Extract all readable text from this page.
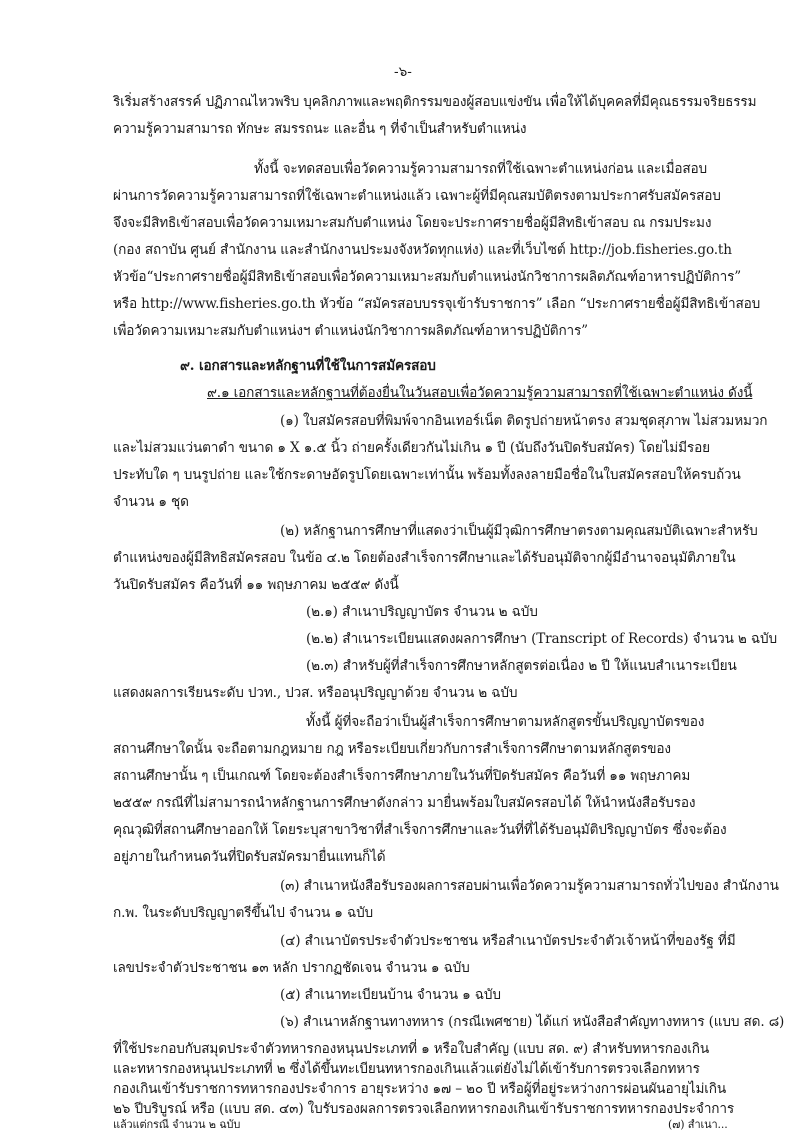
-๖-
ริเริ่มสร้างสรรค์ ปฏิภาณไหวพริบ บุคลิกภาพและพฤติกรรมของผู้สอบแข่งขัน เพื่อให้ได้บุคคลที่มีคุณธรรมจริยธรรม
ความรู้ความสามารถ ทักษะ สมรรถนะ และอื่น ๆ ที่จำเป็นสำหรับตำแหน่ง
ทั้งนี้ จะทดสอบเพื่อวัดความรู้ความสามารถที่ใช้เฉพาะตำแหน่งก่อน และเมื่อสอบ
ผ่านการวัดความรู้ความสามารถที่ใช้เฉพาะตำแหน่งแล้ว เฉพาะผู้ที่มีคุณสมบัติตรงตามประกาศรับสมัครสอบ
จึงจะมีสิทธิเข้าสอบเพื่อวัดความเหมาะสมกับตำแหน่ง โดยจะประกาศรายชื่อผู้มีสิทธิเข้าสอบ ณ กรมประมง
(กอง สถาบัน ศูนย์ สำนักงาน และสำนักงานประมงจังหวัดทุกแห่ง) และที่เว็บไซต์ http://job.fisheries.go.th
หัวข้อ“ประกาศรายชื่อผู้มีสิทธิเข้าสอบเพื่อวัดความเหมาะสมกับตำแหน่งนักวิชาการผลิตภัณฑ์อาหารปฏิบัติการ”
หรือ http://www.fisheries.go.th หัวข้อ “สมัครสอบบรรจุเข้ารับราชการ” เลือก “ประกาศรายชื่อผู้มีสิทธิเข้าสอบ
เพื่อวัดความเหมาะสมกับตำแหน่งฯ ตำแหน่งนักวิชาการผลิตภัณฑ์อาหารปฏิบัติการ”
๙. เอกสารและหลักฐานที่ใช้ในการสมัครสอบ
๙.๑ เอกสารและหลักฐานที่ต้องยื่นในวันสอบเพื่อวัดความรู้ความสามารถที่ใช้เฉพาะตำแหน่ง ดังนี้
(๑) ใบสมัครสอบที่พิมพ์จากอินเทอร์เน็ต ติดรูปถ่ายหน้าตรง สวมชุดสุภาพ ไม่สวมหมวก
และไม่สวมแว่นตาดำ ขนาด ๑ X ๑.๕ นิ้ว ถ่ายครั้งเดียวกันไม่เกิน ๑ ปี (นับถึงวันปิดรับสมัคร) โดยไม่มีรอย
ประทับใด ๆ บนรูปถ่าย และใช้กระดาษอัดรูปโดยเฉพาะเท่านั้น พร้อมทั้งลงลายมือชื่อในใบสมัครสอบให้ครบถ้วน
จำนวน ๑ ชุด
(๒) หลักฐานการศึกษาที่แสดงว่าเป็นผู้มีวุฒิการศึกษาตรงตามคุณสมบัติเฉพาะสำหรับ
ตำแหน่งของผู้มีสิทธิสมัครสอบ ในข้อ ๔.๒ โดยต้องสำเร็จการศึกษาและได้รับอนุมัติจากผู้มีอำนาจอนุมัติภายใน
วันปิดรับสมัคร คือวันที่ ๑๑ พฤษภาคม ๒๕๕๙ ดังนี้
(๒.๑) สำเนาปริญญาบัตร จำนวน ๒ ฉบับ
(๒.๒) สำเนาระเบียนแสดงผลการศึกษา (Transcript of Records) จำนวน ๒ ฉบับ
(๒.๓) สำหรับผู้ที่สำเร็จการศึกษาหลักสูตรต่อเนื่อง ๒ ปี ให้แนบสำเนาระเบียน
แสดงผลการเรียนระดับ ปวท., ปวส. หรืออนุปริญญาด้วย จำนวน ๒ ฉบับ
ทั้งนี้ ผู้ที่จะถือว่าเป็นผู้สำเร็จการศึกษาตามหลักสูตรขั้นปริญญาบัตรของ
สถานศึกษาใดนั้น จะถือตามกฎหมาย กฎ หรือระเบียบเกี่ยวกับการสำเร็จการศึกษาตามหลักสูตรของ
สถานศึกษานั้น ๆ เป็นเกณฑ์ โดยจะต้องสำเร็จการศึกษาภายในวันที่ปิดรับสมัคร คือวันที่ ๑๑ พฤษภาคม
๒๕๕๙ กรณีที่ไม่สามารถนำหลักฐานการศึกษาดังกล่าว มายื่นพร้อมใบสมัครสอบได้ ให้นำหนังสือรับรอง
คุณวุฒิที่สถานศึกษาออกให้ โดยระบุสาขาวิชาที่สำเร็จการศึกษาและวันที่ที่ได้รับอนุมัติปริญญาบัตร ซึ่งจะต้อง
อยู่ภายในกำหนดวันที่ปิดรับสมัครมายื่นแทนก็ได้
(๓) สำเนาหนังสือรับรองผลการสอบผ่านเพื่อวัดความรู้ความสามารถทั่วไปของ สำนักงาน
ก.พ. ในระดับปริญญาตรีขึ้นไป จำนวน ๑ ฉบับ
(๔) สำเนาบัตรประจำตัวประชาชน หรือสำเนาบัตรประจำตัวเจ้าหน้าที่ของรัฐ ที่มี
เลขประจำตัวประชาชน ๑๓ หลัก ปรากฏชัดเจน จำนวน ๑ ฉบับ
(๕) สำเนาทะเบียนบ้าน จำนวน ๑ ฉบับ
(๖) สำเนาหลักฐานทางทหาร (กรณีเพศชาย) ได้แก่ หนังสือสำคัญทางทหาร (แบบ สด. ๘)
ที่ใช้ประกอบกับสมุดประจำตัวทหารกองหนุนประเภทที่ ๑ หรือใบสำคัญ (แบบ สด. ๙) สำหรับทหารกองเกิน
และทหารกองหนุนประเภทที่ ๒ ซึ่งได้ขึ้นทะเบียนทหารกองเกินแล้วแต่ยังไม่ได้เข้ารับการตรวจเลือกทหาร
กองเกินเข้ารับราชการทหารกองประจำการ อายุระหว่าง ๑๗ – ๒๐ ปี หรือผู้ที่อยู่ระหว่างการผ่อนผันอายุไม่เกิน
๒๖ ปีบริบูรณ์ หรือ (แบบ สด. ๔๓) ใบรับรองผลการตรวจเลือกทหารกองเกินเข้ารับราชการทหารกองประจำการ
แล้วแต่กรณี จำนวน ๒ ฉบับ	(๗) สำเนา...
